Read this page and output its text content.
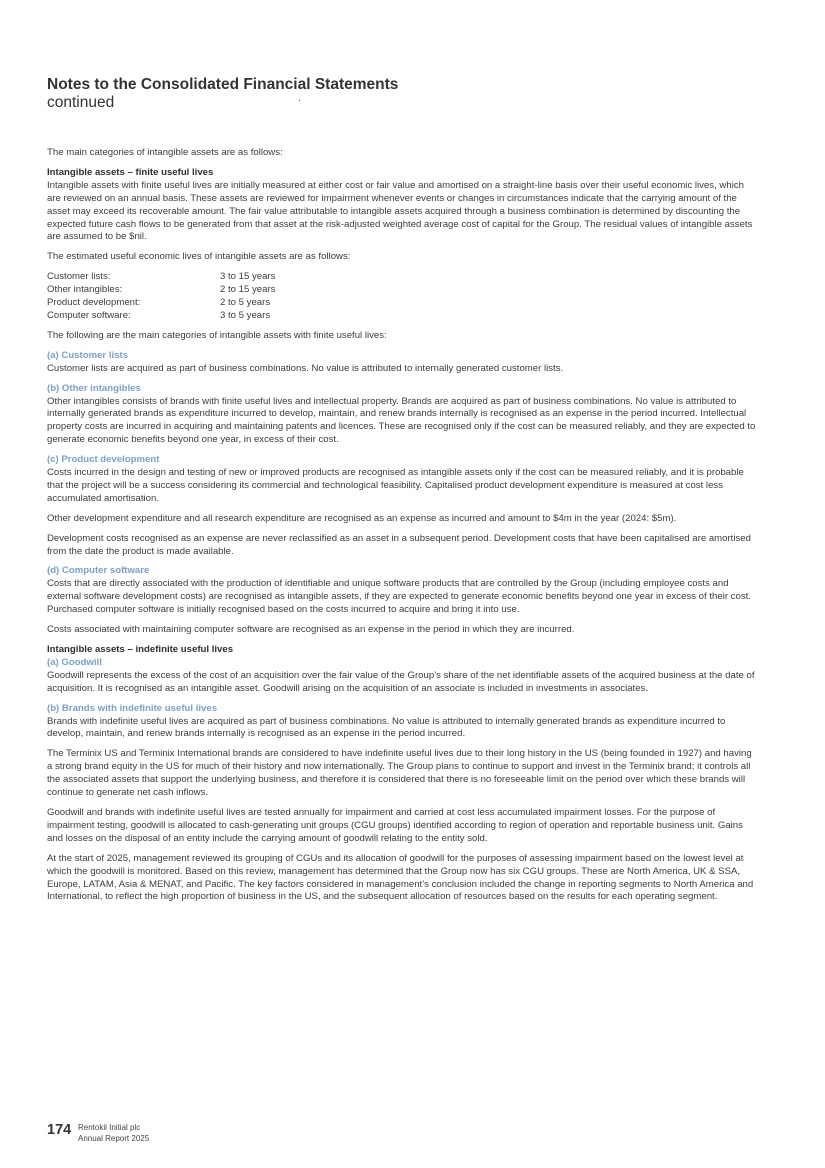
Notes to the Consolidated Financial Statements
continued

The main categories of intangible assets are as follows:

Intangible assets – finite useful lives
Intangible assets with finite useful lives are initially measured at either cost or fair value and amortised on a straight-line basis over their useful economic lives, which are reviewed on an annual basis. These assets are reviewed for impairment whenever events or changes in circumstances indicate that the carrying amount of the asset may exceed its recoverable amount. The fair value attributable to intangible assets acquired through a business combination is determined by discounting the expected future cash flows to be generated from that asset at the risk-adjusted weighted average cost of capital for the Group. The residual values of intangible assets are assumed to be $nil.

The estimated useful economic lives of intangible assets are as follows:

Customer lists:	3 to 15 years
Other intangibles:	2 to 15 years
Product development:	2 to 5 years
Computer software:	3 to 5 years

The following are the main categories of intangible assets with finite useful lives:

(a) Customer lists
Customer lists are acquired as part of business combinations. No value is attributed to internally generated customer lists.
(b) Other intangibles
Other intangibles consists of brands with finite useful lives and intellectual property. Brands are acquired as part of business combinations. No value is attributed to internally generated brands as expenditure incurred to develop, maintain, and renew brands internally is recognised as an expense in the period incurred. Intellectual property costs are incurred in acquiring and maintaining patents and licences. These are recognised only if the cost can be measured reliably, and they are expected to generate economic benefits beyond one year, in excess of their cost.
(c) Product development
Costs incurred in the design and testing of new or improved products are recognised as intangible assets only if the cost can be measured reliably, and it is probable that the project will be a success considering its commercial and technological feasibility. Capitalised product development expenditure is measured at cost less accumulated amortisation.

Other development expenditure and all research expenditure are recognised as an expense as incurred and amount to $4m in the year (2024: $5m).

Development costs recognised as an expense are never reclassified as an asset in a subsequent period. Development costs that have been capitalised are amortised from the date the product is made available.

(d) Computer software
Costs that are directly associated with the production of identifiable and unique software products that are controlled by the Group (including employee costs and external software development costs) are recognised as intangible assets, if they are expected to generate economic benefits beyond one year in excess of their cost. Purchased computer software is initially recognised based on the costs incurred to acquire and bring it into use.

Costs associated with maintaining computer software are recognised as an expense in the period in which they are incurred.

Intangible assets – indefinite useful lives
(a) Goodwill
Goodwill represents the excess of the cost of an acquisition over the fair value of the Group’s share of the net identifiable assets of the acquired business at the date of acquisition. It is recognised as an intangible asset. Goodwill arising on the acquisition of an associate is included in investments in associates.
(b) Brands with indefinite useful lives
Brands with indefinite useful lives are acquired as part of business combinations. No value is attributed to internally generated brands as expenditure incurred to develop, maintain, and renew brands internally is recognised as an expense in the period incurred.

The Terminix US and Terminix International brands are considered to have indefinite useful lives due to their long history in the US (being founded in 1927) and having a strong brand equity in the US for much of their history and now internationally. The Group plans to continue to support and invest in the Terminix brand; it controls all the associated assets that support the underlying business, and therefore it is considered that there is no foreseeable limit on the period over which these brands will continue to generate net cash inflows.

Goodwill and brands with indefinite useful lives are tested annually for impairment and carried at cost less accumulated impairment losses. For the purpose of impairment testing, goodwill is allocated to cash-generating unit groups (CGU groups) identified according to region of operation and reportable business unit. Gains and losses on the disposal of an entity include the carrying amount of goodwill relating to the entity sold.

At the start of 2025, management reviewed its grouping of CGUs and its allocation of goodwill for the purposes of assessing impairment based on the lowest level at which the goodwill is monitored. Based on this review, management has determined that the Group now has six CGU groups. These are North America, UK & SSA, Europe, LATAM, Asia & MENAT, and Pacific. The key factors considered in management’s conclusion included the change in reporting segments to North America and International, to reflect the high proportion of business in the US, and the subsequent allocation of resources based on the results for each operating segment.

174 Rentokil Initial plc
Annual Report 2025
